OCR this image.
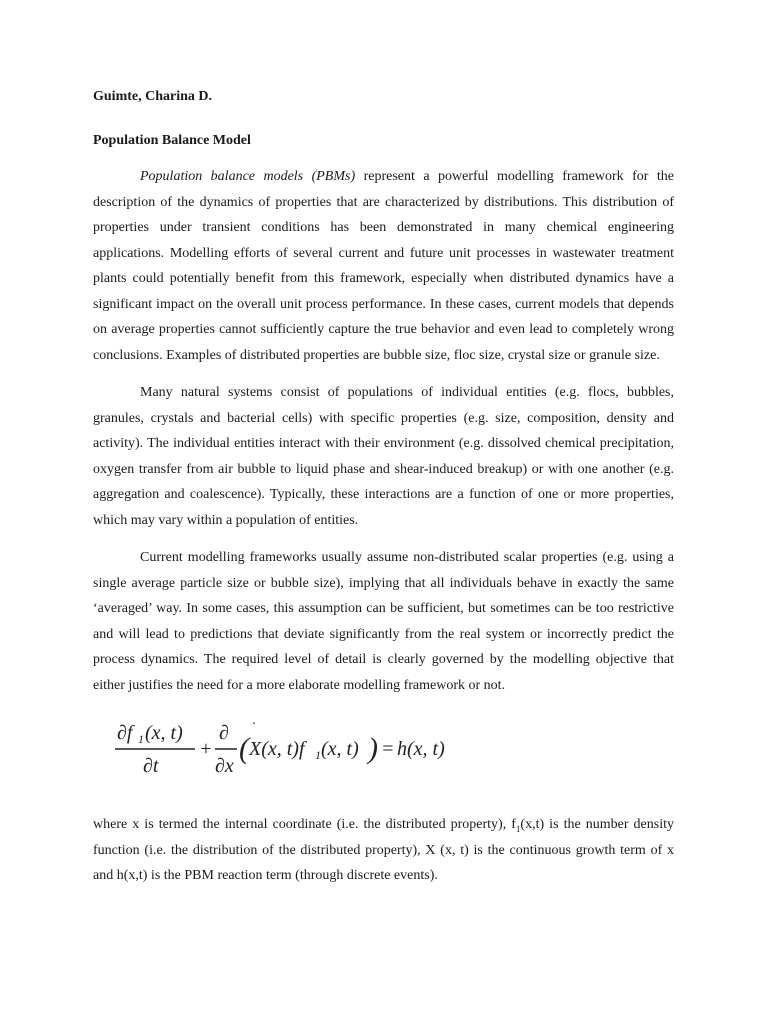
Guimte, Charina D.
Population Balance Model

Population balance models (PBMs) represent a powerful modelling framework for the description of the dynamics of properties that are characterized by distributions. This distribution of properties under transient conditions has been demonstrated in many chemical engineering applications. Modelling efforts of several current and future unit processes in wastewater treatment plants could potentially benefit from this framework, especially when distributed dynamics have a significant impact on the overall unit process performance. In these cases, current models that depends on average properties cannot sufficiently capture the true behavior and even lead to completely wrong conclusions. Examples of distributed properties are bubble size, floc size, crystal size or granule size.

Many natural systems consist of populations of individual entities (e.g. flocs, bubbles, granules, crystals and bacterial cells) with specific properties (e.g. size, composition, density and activity). The individual entities interact with their environment (e.g. dissolved chemical precipitation, oxygen transfer from air bubble to liquid phase and shear-induced breakup) or with one another (e.g. aggregation and coalescence). Typically, these interactions are a function of one or more properties, which may vary within a population of entities.

Current modelling frameworks usually assume non-distributed scalar properties (e.g. using a single average particle size or bubble size), implying that all individuals behave in exactly the same ‘averaged’ way. In some cases, this assumption can be sufficient, but sometimes can be too restrictive and will lead to predictions that deviate significantly from the real system or incorrectly predict the process dynamics. The required level of detail is clearly governed by the modelling objective that either justifies the need for a more elaborate modelling framework or not.

∂f 1 (x, t)
∂t
+
∂
∂x
(
·
X(x, t)f 1 (x, t) ) = h(x, t)

where x is termed the internal coordinate (i.e. the distributed property), $f_1(x,t)$ is the number density function (i.e. the distribution of the distributed property), X (x, t) is the continuous growth term of x and h(x,t) is the PBM reaction term (through discrete events).
